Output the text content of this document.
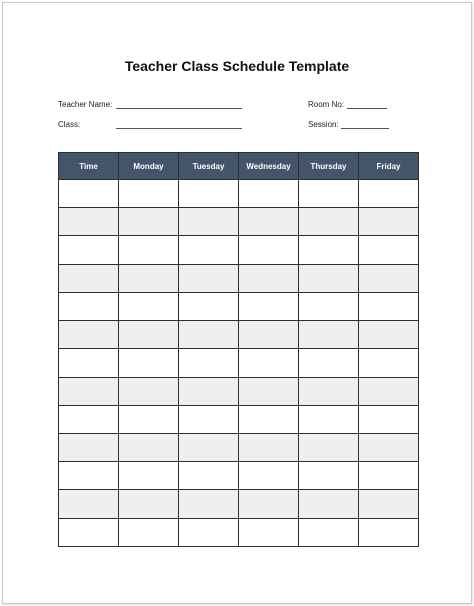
Teacher Class Schedule Template
Teacher Name:
Class:
Room No:
Session:
Time	Monday	Tuesday	Wednesday	Thursday	Friday
